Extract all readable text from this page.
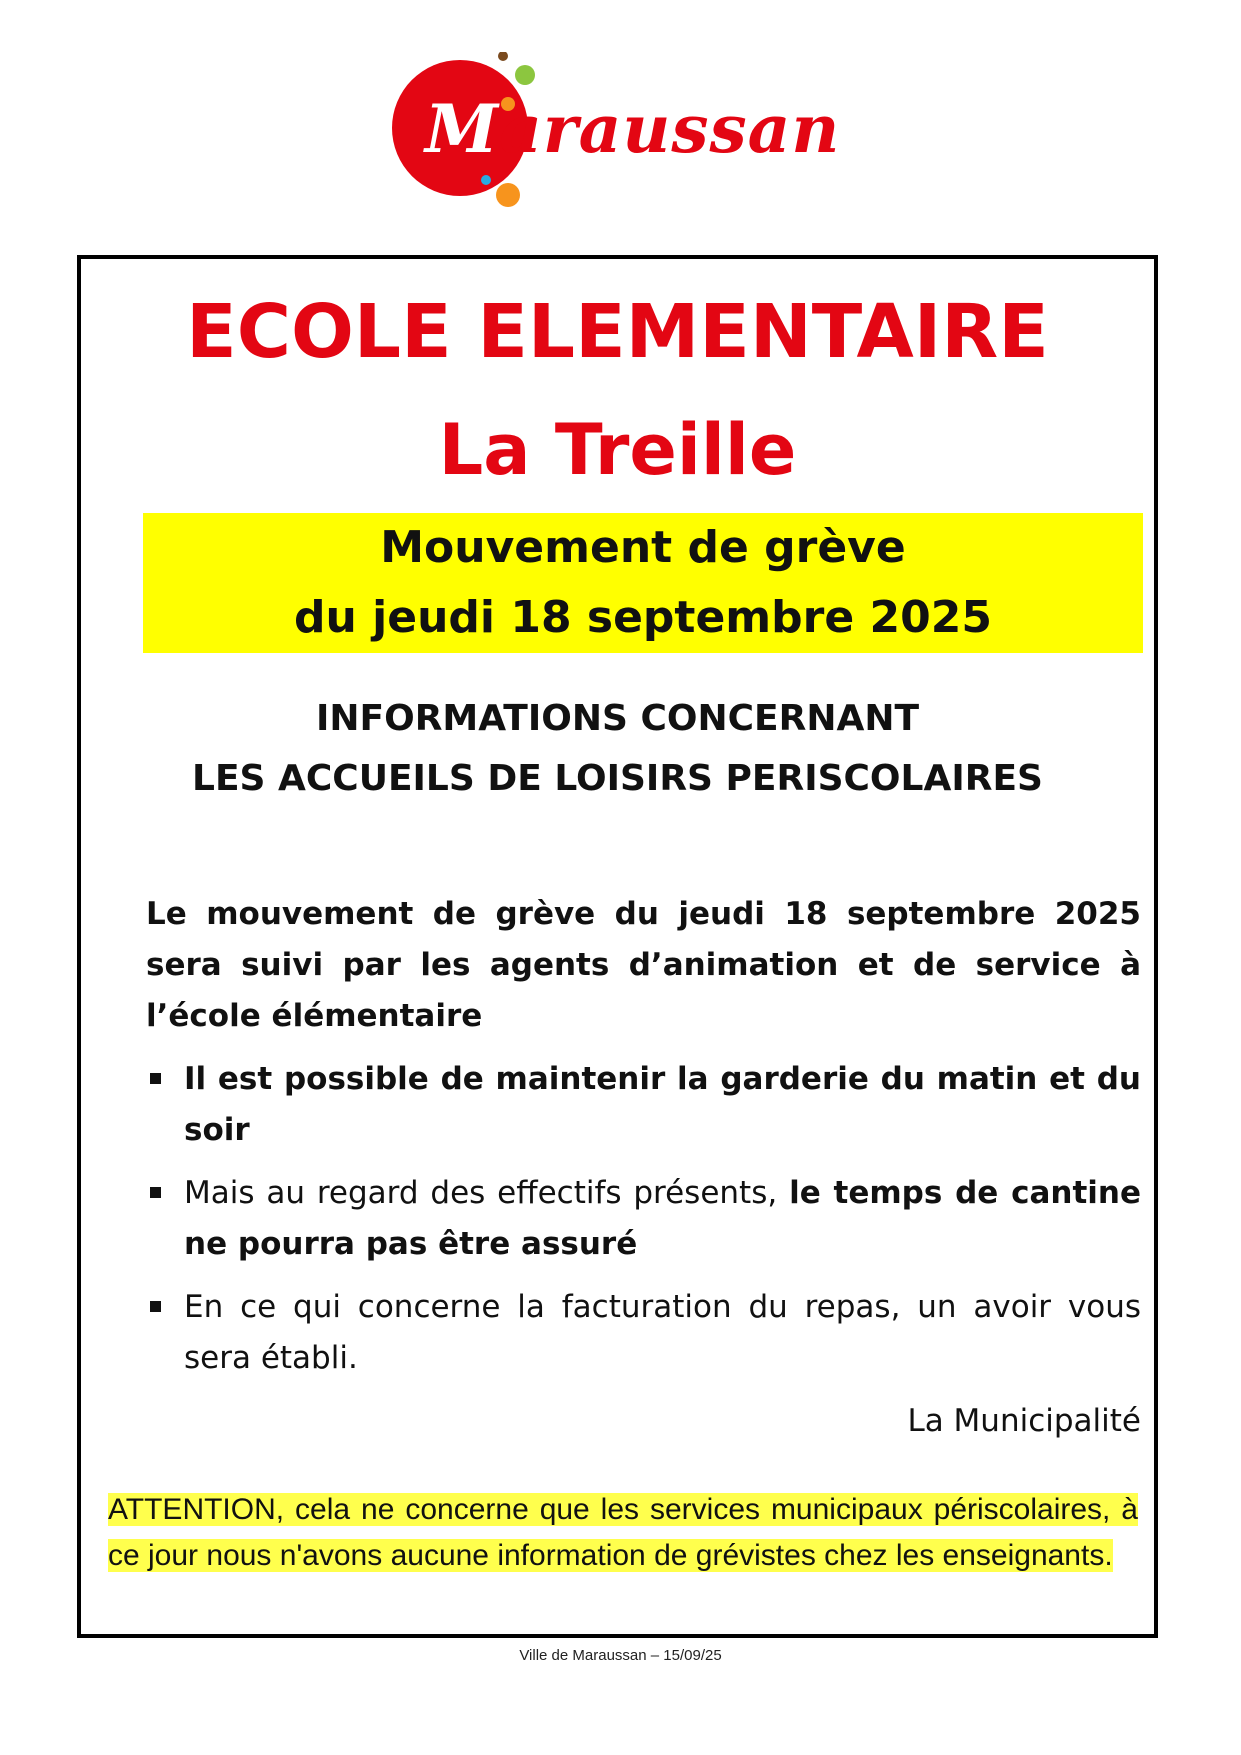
Maraussan
ECOLE ELEMENTAIRE
La Treille
Mouvement de grève
du jeudi 18 septembre 2025
INFORMATIONS CONCERNANT
LES ACCUEILS DE LOISIRS PERISCOLAIRES

Le mouvement de grève du jeudi 18 septembre 2025 sera suivi par les agents d’animation et de service à l’école élémentaire

Il est possible de maintenir la garderie du matin et du soir
Mais au regard des effectifs présents, le temps de cantine ne pourra pas être assuré
En ce qui concerne la facturation du repas, un avoir vous sera établi.
La Municipalité
ATTENTION, cela ne concerne que les services municipaux périscolaires, à ce jour nous n'avons aucune information de grévistes chez les enseignants.
Ville de Maraussan – 15/09/25
